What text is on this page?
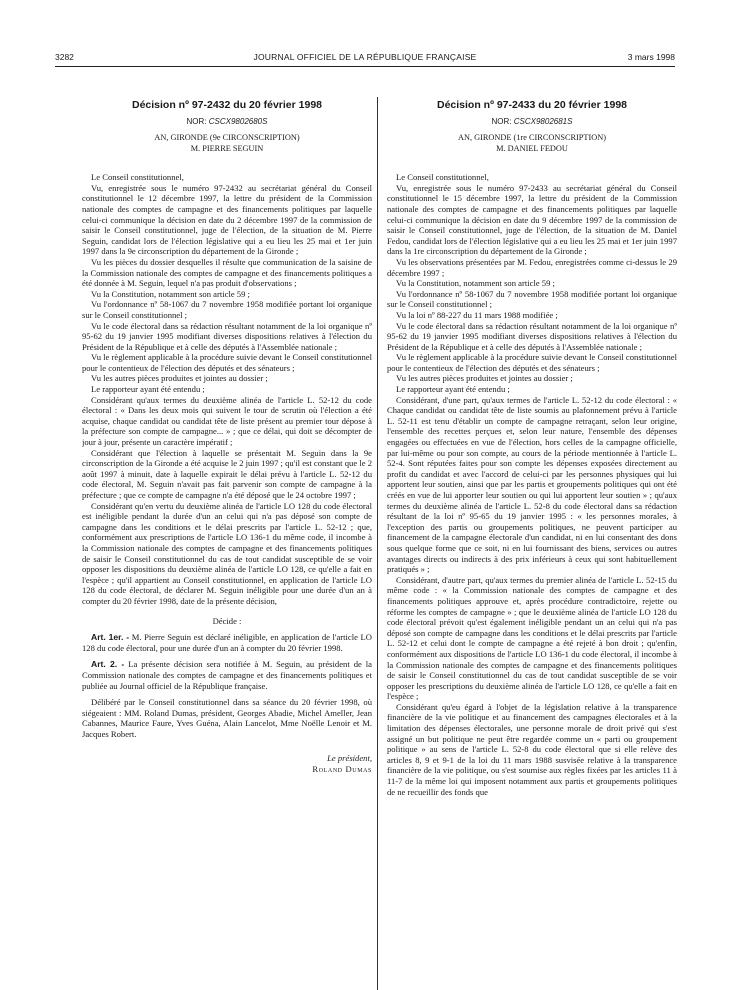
3282	JOURNAL OFFICIEL DE LA RÉPUBLIQUE FRANÇAISE	3 mars 1998
Décision nº 97-2432 du 20 février 1998
NOR: CSCX9802680S
AN, GIRONDE (9e CIRCONSCRIPTION)
M. PIERRE SEGUIN

Le Conseil constitutionnel,

Vu, enregistrée sous le numéro 97-2432 au secrétariat général du Conseil constitutionnel le 12 décembre 1997, la lettre du président de la Commission nationale des comptes de campagne et des financements politiques par laquelle celui-ci communique la décision en date du 2 décembre 1997 de la commission de saisir le Conseil constitutionnel, juge de l'élection, de la situation de M. Pierre Seguin, candidat lors de l'élection législative qui a eu lieu les 25 mai et 1er juin 1997 dans la 9e circonscription du département de la Gironde ;

Vu les pièces du dossier desquelles il résulte que communication de la saisine de la Commission nationale des comptes de campagne et des financements politiques a été donnée à M. Seguin, lequel n'a pas produit d'observations ;

Vu la Constitution, notamment son article 59 ;

Vu l'ordonnance nº 58-1067 du 7 novembre 1958 modifiée portant loi organique sur le Conseil constitutionnel ;

Vu le code électoral dans sa rédaction résultant notamment de la loi organique nº 95-62 du 19 janvier 1995 modifiant diverses dispositions relatives à l'élection du Président de la République et à celle des députés à l'Assemblée nationale ;

Vu le règlement applicable à la procédure suivie devant le Conseil constitutionnel pour le contentieux de l'élection des députés et des sénateurs ;

Vu les autres pièces produites et jointes au dossier ;

Le rapporteur ayant été entendu ;

Considérant qu'aux termes du deuxième alinéa de l'article L. 52-12 du code électoral : « Dans les deux mois qui suivent le tour de scrutin où l'élection a été acquise, chaque candidat ou candidat tête de liste présent au premier tour dépose à la préfecture son compte de campagne... » ; que ce délai, qui doit se décompter de jour à jour, présente un caractère impératif ;

Considérant que l'élection à laquelle se présentait M. Seguin dans la 9e circonscription de la Gironde a été acquise le 2 juin 1997 ; qu'il est constant que le 2 août 1997 à minuit, date à laquelle expirait le délai prévu à l'article L. 52-12 du code électoral, M. Seguin n'avait pas fait parvenir son compte de campagne à la préfecture ; que ce compte de campagne n'a été déposé que le 24 octobre 1997 ;

Considérant qu'en vertu du deuxième alinéa de l'article LO 128 du code électoral est inéligible pendant la durée d'un an celui qui n'a pas déposé son compte de campagne dans les conditions et le délai prescrits par l'article L. 52-12 ; que, conformément aux prescriptions de l'article LO 136-1 du même code, il incombe à la Commission nationale des comptes de campagne et des financements politiques de saisir le Conseil constitutionnel du cas de tout candidat susceptible de se voir opposer les dispositions du deuxième alinéa de l'article LO 128, ce qu'elle a fait en l'espèce ; qu'il appartient au Conseil constitutionnel, en application de l'article LO 128 du code électoral, de déclarer M. Seguin inéligible pour une durée d'un an à compter du 20 février 1998, date de la présente décision,

Décide :

Art. 1er. - M. Pierre Seguin est déclaré inéligible, en application de l'article LO 128 du code électoral, pour une durée d'un an à compter du 20 février 1998.

Art. 2. - La présente décision sera notifiée à M. Seguin, au président de la Commission nationale des comptes de campagne et des financements politiques et publiée au Journal officiel de la République française.

Délibéré par le Conseil constitutionnel dans sa séance du 20 février 1998, où siégeaient : MM. Roland Dumas, président, Georges Abadie, Michel Ameller, Jean Cabannes, Maurice Faure, Yves Guéna, Alain Lancelot, Mme Noëlle Lenoir et M. Jacques Robert.

Le président,
Roland Dumas
Décision nº 97-2433 du 20 février 1998
NOR: CSCX9802681S
AN, GIRONDE (1re CIRCONSCRIPTION)
M. DANIEL FEDOU

Le Conseil constitutionnel,

Vu, enregistrée sous le numéro 97-2433 au secrétariat général du Conseil constitutionnel le 15 décembre 1997, la lettre du président de la Commission nationale des comptes de campagne et des financements politiques par laquelle celui-ci communique la décision en date du 9 décembre 1997 de la commission de saisir le Conseil constitutionnel, juge de l'élection, de la situation de M. Daniel Fedou, candidat lors de l'élection législative qui a eu lieu les 25 mai et 1er juin 1997 dans la 1re circonscription du département de la Gironde ;

Vu les observations présentées par M. Fedou, enregistrées comme ci-dessus le 29 décembre 1997 ;

Vu la Constitution, notamment son article 59 ;

Vu l'ordonnance nº 58-1067 du 7 novembre 1958 modifiée portant loi organique sur le Conseil constitutionnel ;

Vu la loi nº 88-227 du 11 mars 1988 modifiée ;

Vu le code électoral dans sa rédaction résultant notamment de la loi organique nº 95-62 du 19 janvier 1995 modifiant diverses dispositions relatives à l'élection du Président de la République et à celle des députés à l'Assemblée nationale ;

Vu le règlement applicable à la procédure suivie devant le Conseil constitutionnel pour le contentieux de l'élection des députés et des sénateurs ;

Vu les autres pièces produites et jointes au dossier ;

Le rapporteur ayant été entendu ;

Considérant, d'une part, qu'aux termes de l'article L. 52-12 du code électoral : « Chaque candidat ou candidat tête de liste soumis au plafonnement prévu à l'article L. 52-11 est tenu d'établir un compte de campagne retraçant, selon leur origine, l'ensemble des recettes perçues et, selon leur nature, l'ensemble des dépenses engagées ou effectuées en vue de l'élection, hors celles de la campagne officielle, par lui-même ou pour son compte, au cours de la période mentionnée à l'article L. 52-4. Sont réputées faites pour son compte les dépenses exposées directement au profit du candidat et avec l'accord de celui-ci par les personnes physiques qui lui apportent leur soutien, ainsi que par les partis et groupements politiques qui ont été créés en vue de lui apporter leur soutien ou qui lui apportent leur soutien » ; qu'aux termes du deuxième alinéa de l'article L. 52-8 du code électoral dans sa rédaction résultant de la loi nº 95-65 du 19 janvier 1995 : « les personnes morales, à l'exception des partis ou groupements politiques, ne peuvent participer au financement de la campagne électorale d'un candidat, ni en lui consentant des dons sous quelque forme que ce soit, ni en lui fournissant des biens, services ou autres avantages directs ou indirects à des prix inférieurs à ceux qui sont habituellement pratiqués » ;

Considérant, d'autre part, qu'aux termes du premier alinéa de l'article L. 52-15 du même code : « la Commission nationale des comptes de campagne et des financements politiques approuve et, après procédure contradictoire, rejette ou réforme les comptes de campagne » ; que le deuxième alinéa de l'article LO 128 du code électoral prévoit qu'est également inéligible pendant un an celui qui n'a pas déposé son compte de campagne dans les conditions et le délai prescrits par l'article L. 52-12 et celui dont le compte de campagne a été rejeté à bon droit ; qu'enfin, conformément aux dispositions de l'article LO 136-1 du code électoral, il incombe à la Commission nationale des comptes de campagne et des financements politiques de saisir le Conseil constitutionnel du cas de tout candidat susceptible de se voir opposer les prescriptions du deuxième alinéa de l'article LO 128, ce qu'elle a fait en l'espèce ;

Considérant qu'eu égard à l'objet de la législation relative à la transparence financière de la vie politique et au financement des campagnes électorales et à la limitation des dépenses électorales, une personne morale de droit privé qui s'est assigné un but politique ne peut être regardée comme un « parti ou groupement politique » au sens de l'article L. 52-8 du code électoral que si elle relève des articles 8, 9 et 9-1 de la loi du 11 mars 1988 susvisée relative à la transparence financière de la vie politique, ou s'est soumise aux règles fixées par les articles 11 à 11-7 de la même loi qui imposent notamment aux partis et groupements politiques de ne recueillir des fonds que
